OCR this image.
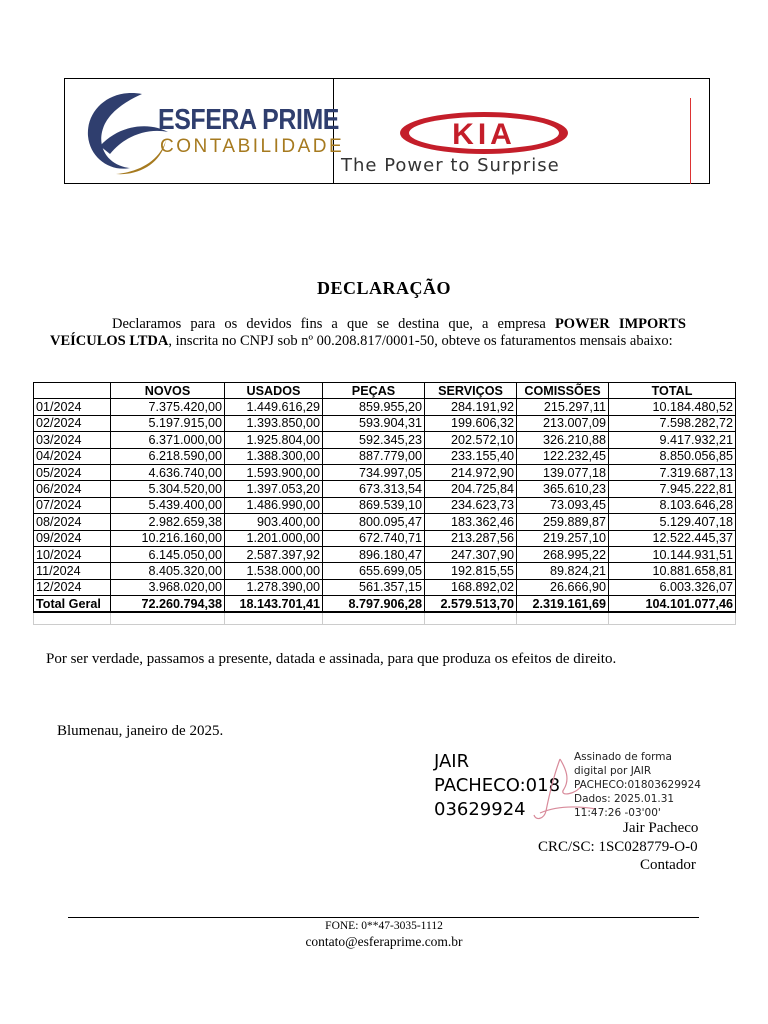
ESFERA PRIME
CONTABILIDADE	KIA
The Power to Surprise
DECLARAÇÃO
Declaramos para os devidos fins a que se destina que, a empresa POWER IMPORTS VEÍCULOS LTDA, inscrita no CNPJ sob nº 00.208.817/0001-50, obteve os faturamentos mensais abaixo:
	NOVOS	USADOS	PEÇAS	SERVIÇOS	COMISSÕES	TOTAL
01/2024	7.375.420,00	1.449.616,29	859.955,20	284.191,92	215.297,11	10.184.480,52
02/2024	5.197.915,00	1.393.850,00	593.904,31	199.606,32	213.007,09	7.598.282,72
03/2024	6.371.000,00	1.925.804,00	592.345,23	202.572,10	326.210,88	9.417.932,21
04/2024	6.218.590,00	1.388.300,00	887.779,00	233.155,40	122.232,45	8.850.056,85
05/2024	4.636.740,00	1.593.900,00	734.997,05	214.972,90	139.077,18	7.319.687,13
06/2024	5.304.520,00	1.397.053,20	673.313,54	204.725,84	365.610,23	7.945.222,81
07/2024	5.439.400,00	1.486.990,00	869.539,10	234.623,73	73.093,45	8.103.646,28
08/2024	2.982.659,38	903.400,00	800.095,47	183.362,46	259.889,87	5.129.407,18
09/2024	10.216.160,00	1.201.000,00	672.740,71	213.287,56	219.257,10	12.522.445,37
10/2024	6.145.050,00	2.587.397,92	896.180,47	247.307,90	268.995,22	10.144.931,51
11/2024	8.405.320,00	1.538.000,00	655.699,05	192.815,55	89.824,21	10.881.658,81
12/2024	3.968.020,00	1.278.390,00	561.357,15	168.892,02	26.666,90	6.003.326,07
Total Geral	72.260.794,38	18.143.701,41	8.797.906,28	2.579.513,70	2.319.161,69	104.101.077,46

Por ser verdade, passamos a presente, datada e assinada, para que produza os efeitos de direito.
Blumenau, janeiro de 2025.
JAIR
PACHECO:018
03629924
Assinado de forma
digital por JAIR
PACHECO:01803629924
Dados: 2025.01.31
11:47:26 -03'00'
Jair Pacheco
CRC/SC: 1SC028779-O-0
Contador
FONE: 0**47-3035-1112
contato@esferaprime.com.br
